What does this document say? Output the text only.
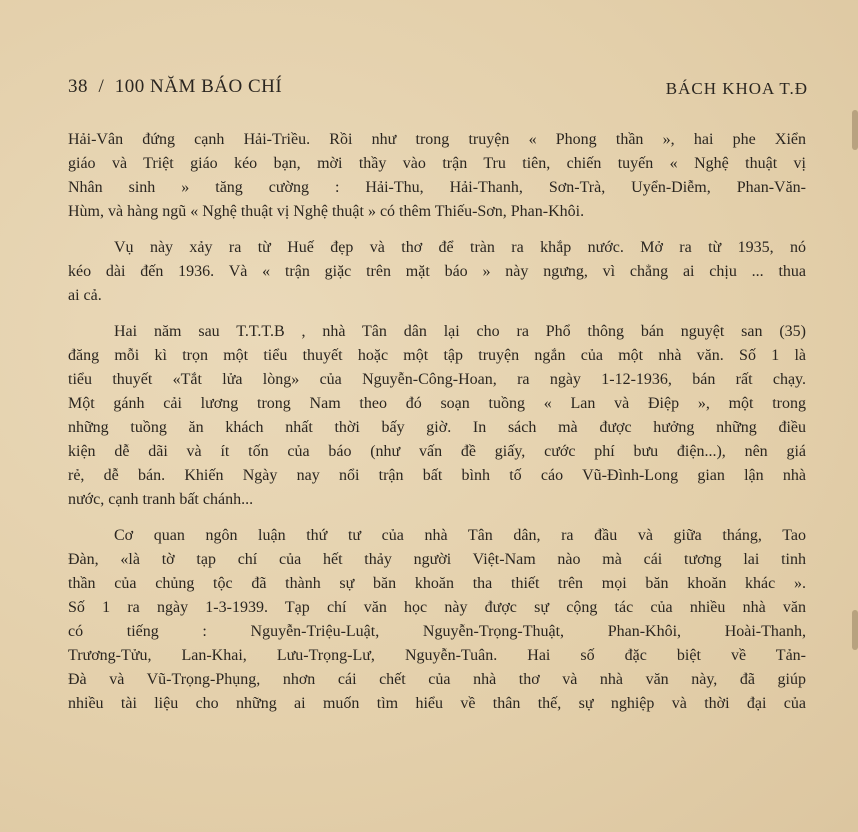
38  /  100 NĂM BÁO CHÍ	BÁCH KHOA T.Đ
Hải-Vân đứng cạnh Hải-Triều. Rồi như trong truyện « Phong thần », hai phe Xiển
giáo và Triệt giáo kéo bạn, mời thầy vào trận Tru tiên, chiến tuyến « Nghệ thuật vị
Nhân sinh » tăng cường : Hải-Thu, Hải-Thanh, Sơn-Trà, Uyển-Diễm, Phan-Văn-
Hùm, và hàng ngũ « Nghệ thuật vị Nghệ thuật » có thêm Thiếu-Sơn, Phan-Khôi.
Vụ này xảy ra từ Huế đẹp và thơ để tràn ra khắp nước. Mở ra từ 1935, nó
kéo dài đến 1936. Và « trận giặc trên mặt báo » này ngưng, vì chẳng ai chịu ... thua
ai cả.
Hai năm sau T.T.T.B , nhà Tân dân lại cho ra Phổ thông bán nguyệt san (35)
đăng mỗi kì trọn một tiểu thuyết hoặc một tập truyện ngắn của một nhà văn. Số 1 là
tiểu thuyết «Tắt lửa lòng» của Nguyễn-Công-Hoan, ra ngày 1-12-1936, bán rất chạy.
Một gánh cải lương trong Nam theo đó soạn tuồng « Lan và Điệp », một trong
những tuồng ăn khách nhất thời bấy giờ. In sách mà được hưởng những điều
kiện dễ dãi và ít tốn của báo (như vấn đề giấy, cước phí bưu điện...), nên giá
rẻ, dễ bán. Khiến Ngày nay nổi trận bất bình tố cáo Vũ-Đình-Long gian lận nhà
nước, cạnh tranh bất chánh...
Cơ quan ngôn luận thứ tư của nhà Tân dân, ra đầu và giữa tháng, Tao
Đàn, «là tờ tạp chí của hết thảy người Việt-Nam nào mà cái tương lai tinh
thần của chủng tộc đã thành sự băn khoăn tha thiết trên mọi băn khoăn khác ».
Số 1 ra ngày 1-3-1939. Tạp chí văn học này được sự cộng tác của nhiều nhà văn
có tiếng : Nguyễn-Triệu-Luật, Nguyễn-Trọng-Thuật, Phan-Khôi, Hoài-Thanh,
Trương-Tửu, Lan-Khai, Lưu-Trọng-Lư, Nguyễn-Tuân. Hai số đặc biệt về Tản-
Đà và Vũ-Trọng-Phụng, nhơn cái chết của nhà thơ và nhà văn này, đã giúp
nhiều tài liệu cho những ai muốn tìm hiểu về thân thế, sự nghiệp và thời đại của
